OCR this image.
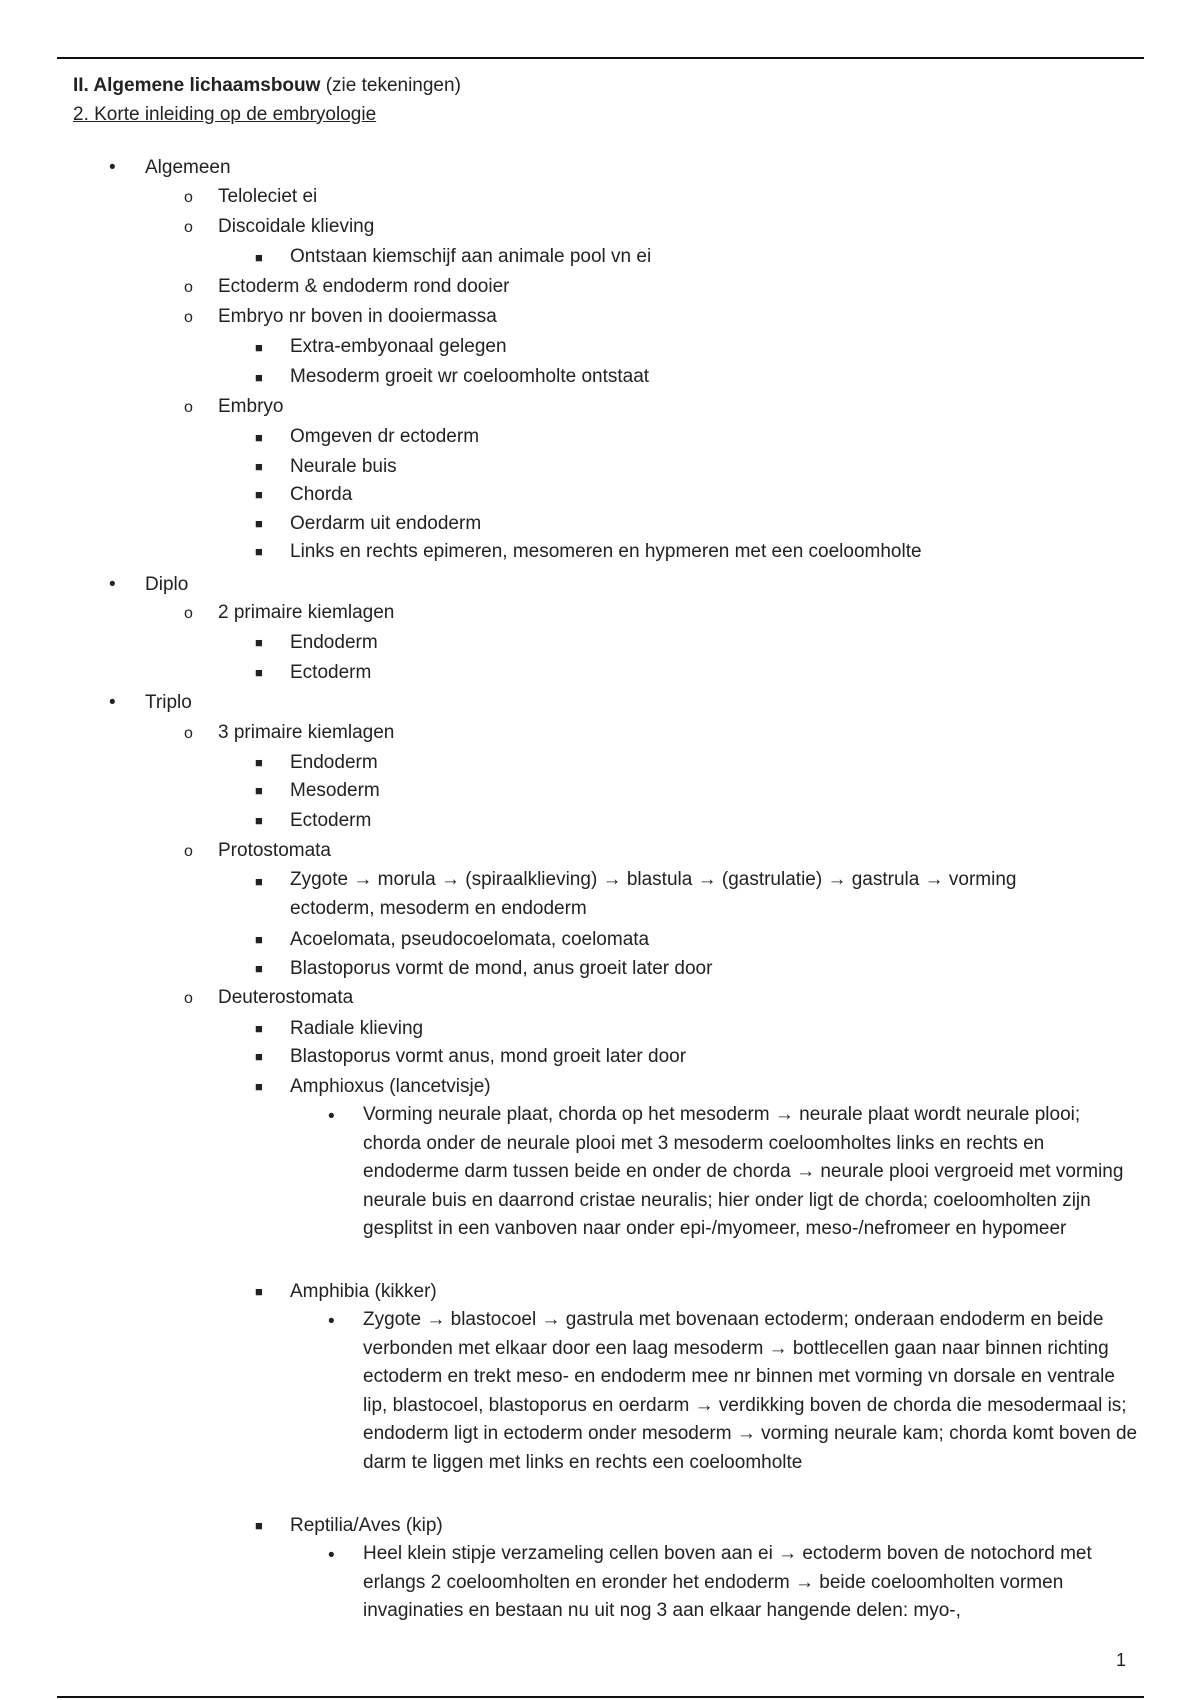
II. Algemene lichaamsbouw (zie tekeningen)
2. Korte inleiding op de embryologie
• Algemeen
o Teloleciet ei
o Discoidale klieving
■ Ontstaan kiemschijf aan animale pool vn ei
o Ectoderm & endoderm rond dooier
o Embryo nr boven in dooiermassa
■ Extra-embyonaal gelegen
■ Mesoderm groeit wr coeloomholte ontstaat
o Embryo
■ Omgeven dr ectoderm
■ Neurale buis
■ Chorda
■ Oerdarm uit endoderm
■ Links en rechts epimeren, mesomeren en hypmeren met een coeloomholte
• Diplo
o 2 primaire kiemlagen
■ Endoderm
■ Ectoderm
• Triplo
o 3 primaire kiemlagen
■ Endoderm
■ Mesoderm
■ Ectoderm
o Protostomata
■ Zygote → morula → (spiraalklieving) → blastula → (gastrulatie) → gastrula → vorming ectoderm, mesoderm en endoderm
■ Acoelomata, pseudocoelomata, coelomata
■ Blastoporus vormt de mond, anus groeit later door
o Deuterostomata
■ Radiale klieving
■ Blastoporus vormt anus, mond groeit later door
■ Amphioxus (lancetvisje)
• Vorming neurale plaat, chorda op het mesoderm → neurale plaat wordt neurale plooi; chorda onder de neurale plooi met 3 mesoderm coeloomholtes links en rechts en endoderme darm tussen beide en onder de chorda → neurale plooi vergroeid met vorming neurale buis en daarrond cristae neuralis; hier onder ligt de chorda; coeloomholten zijn gesplitst in een vanboven naar onder epi-/myomeer, meso-/nefromeer en hypomeer
■ Amphibia (kikker)
• Zygote → blastocoel → gastrula met bovenaan ectoderm; onderaan endoderm en beide verbonden met elkaar door een laag mesoderm → bottlecellen gaan naar binnen richting ectoderm en trekt meso- en endoderm mee nr binnen met vorming vn dorsale en ventrale lip, blastocoel, blastoporus en oerdarm → verdikking boven de chorda die mesodermaal is; endoderm ligt in ectoderm onder mesoderm → vorming neurale kam; chorda komt boven de darm te liggen met links en rechts een coeloomholte
■ Reptilia/Aves (kip)
• Heel klein stipje verzameling cellen boven aan ei → ectoderm boven de notochord met erlangs 2 coeloomholten en eronder het endoderm → beide coeloomholten vormen invaginaties en bestaan nu uit nog 3 aan elkaar hangende delen: myo-,
1
